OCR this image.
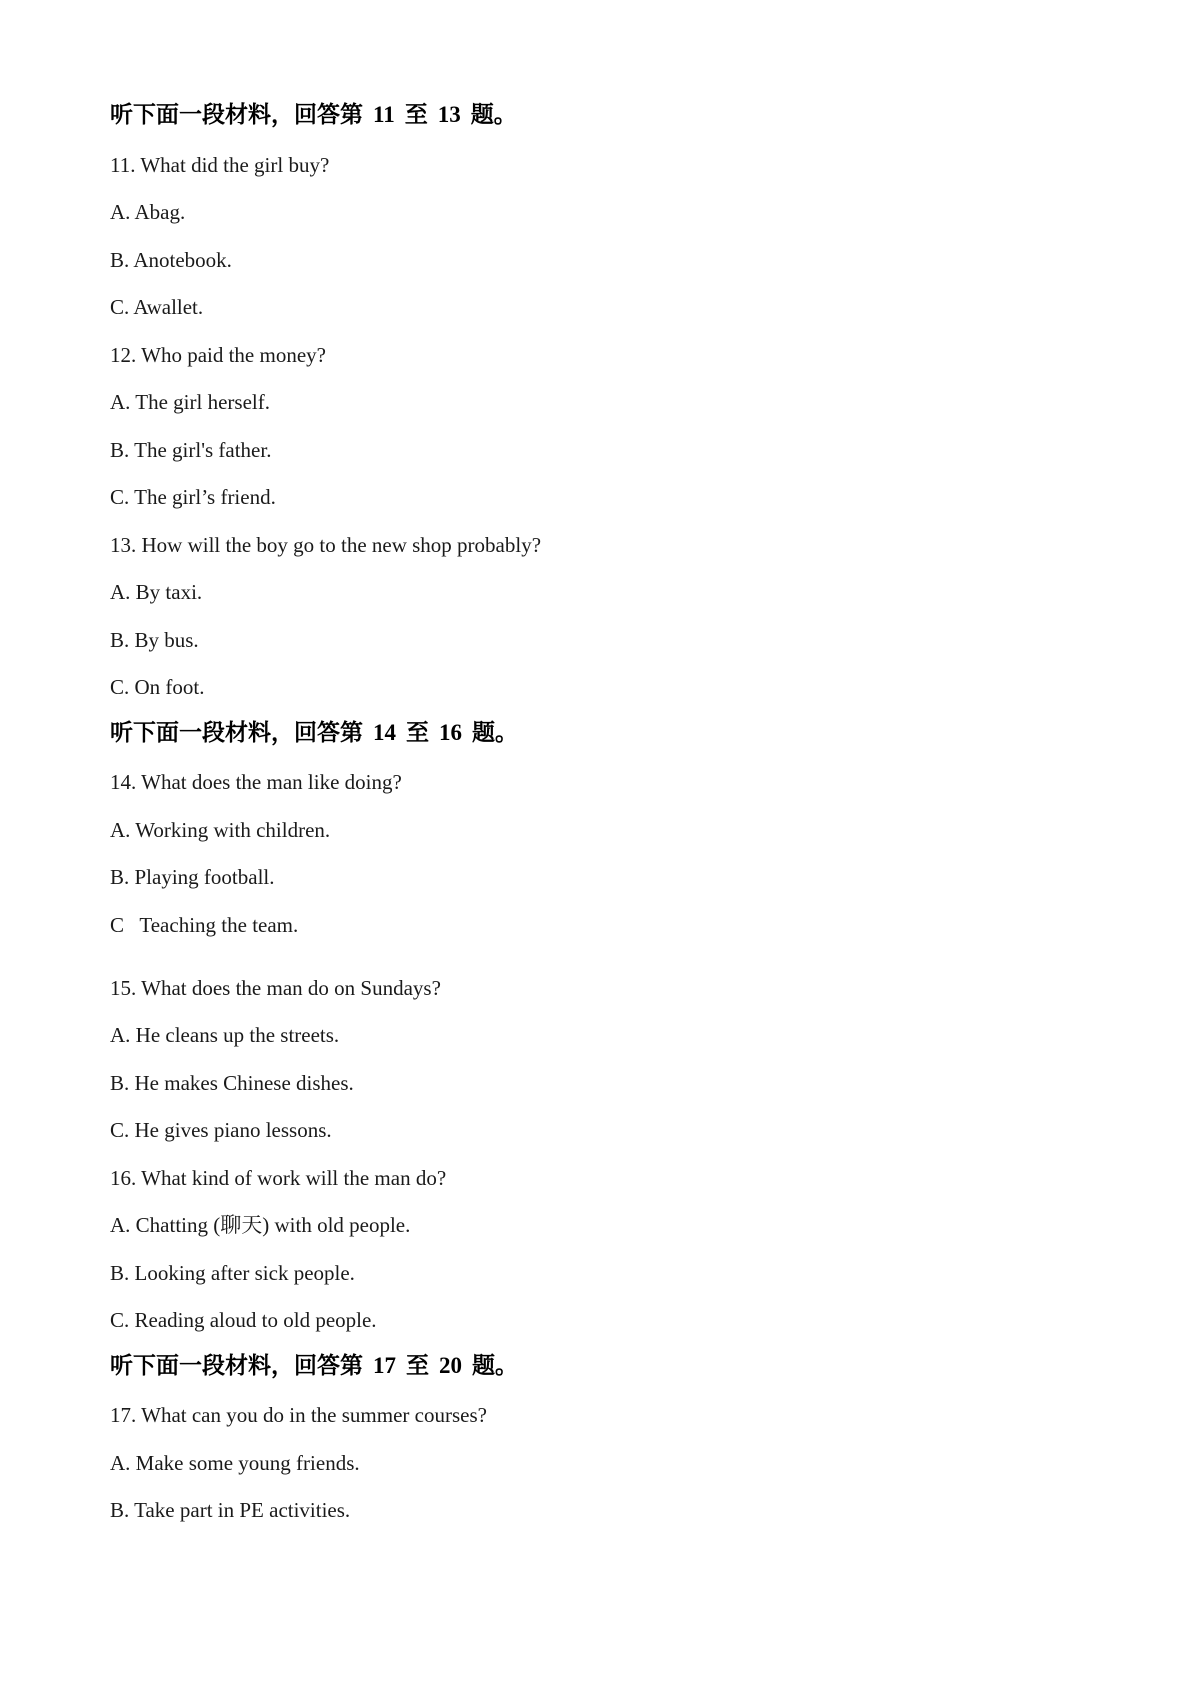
听下面一段材料，回答第 11 至 13 题。
11. What did the girl buy?
A. Abag.
B. Anotebook.
C. Awallet.
12. Who paid the money?
A. The girl herself.
B. The girl's father.
C. The girl’s friend.
13. How will the boy go to the new shop probably?
A. By taxi.
B. By bus.
C. On foot.
听下面一段材料，回答第 14 至 16 题。
14. What does the man like doing?
A. Working with children.
B. Playing football.
C   Teaching the team.
15. What does the man do on Sundays?
A. He cleans up the streets.
B. He makes Chinese dishes.
C. He gives piano lessons.
16. What kind of work will the man do?
A. Chatting (聊天) with old people.
B. Looking after sick people.
C. Reading aloud to old people.
听下面一段材料，回答第 17 至 20 题。
17. What can you do in the summer courses?
A. Make some young friends.
B. Take part in PE activities.
